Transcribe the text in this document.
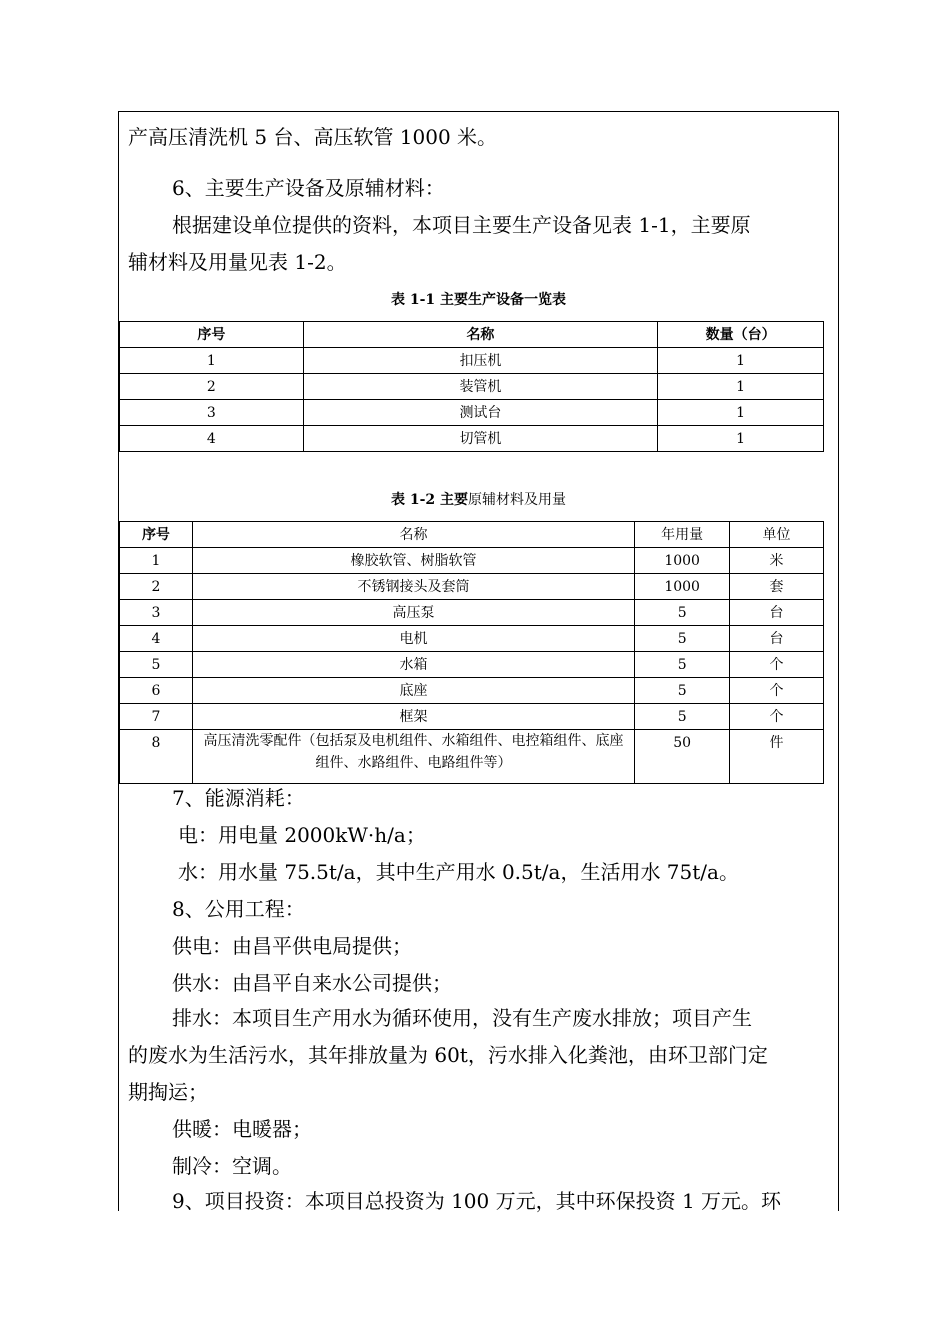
产高压清洗机 5 台、高压软管 1000 米。
6、主要生产设备及原辅材料：
根据建设单位提供的资料，本项目主要生产设备见表 1-1，主要原
辅材料及用量见表 1-2。
表 1-1 主要生产设备一览表
序号	名称	数量（台）
1	扣压机	1
2	装管机	1
3	测试台	1
4	切管机	1
表 1-2 主要原辅材料及用量
序号	名称	年用量	单位
1	橡胶软管、树脂软管	1000	米
2	不锈钢接头及套筒	1000	套
3	高压泵	5	台
4	电机	5	台
5	水箱	5	个
6	底座	5	个
7	框架	5	个
8	高压清洗零配件（包括泵及电机组件、水箱组件、电控箱组件、底座组件、水路组件、电路组件等）	50	件
7、能源消耗：
电：用电量 2000kW·h/a；
水：用水量 75.5t/a，其中生产用水 0.5t/a，生活用水 75t/a。
8、公用工程：
供电：由昌平供电局提供；
供水：由昌平自来水公司提供；
排水：本项目生产用水为循环使用，没有生产废水排放；项目产生
的废水为生活污水，其年排放量为 60t，污水排入化粪池，由环卫部门定
期掏运；
供暖：电暖器；
制冷：空调。
9、项目投资：本项目总投资为 100 万元，其中环保投资 1 万元。环
